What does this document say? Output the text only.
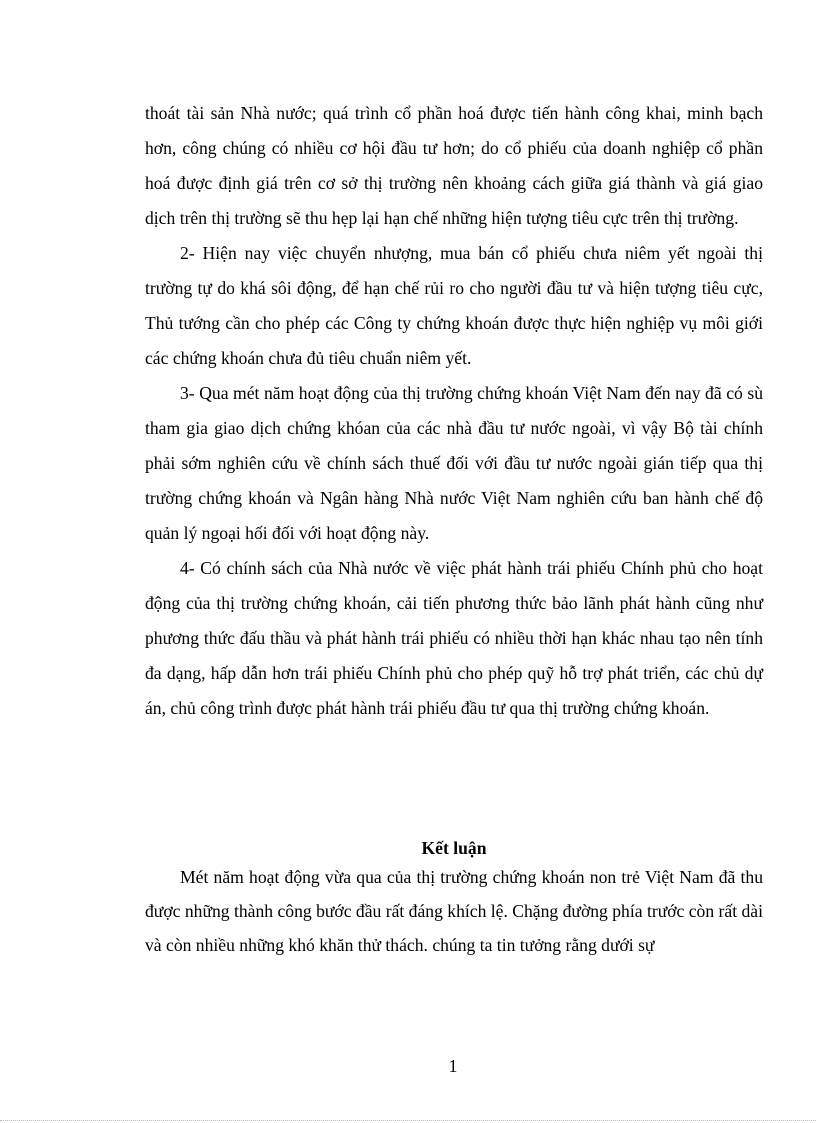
thoát tài sản Nhà nước; quá trình cổ phần hoá được tiến hành công khai, minh bạch hơn, công chúng có nhiều cơ hội đầu tư hơn; do cổ phiếu của doanh nghiệp cổ phần hoá được định giá trên cơ sở thị trường nên khoảng cách giữa giá thành và giá giao dịch trên thị trường sẽ thu hẹp lại hạn chế những hiện tượng tiêu cực trên thị trường.

2- Hiện nay việc chuyển nhượng, mua bán cổ phiếu chưa niêm yết ngoài thị trường tự do khá sôi động, để hạn chế rủi ro cho người đầu tư và hiện tượng tiêu cực, Thủ tướng cần cho phép các Công ty chứng khoán được thực hiện nghiệp vụ môi giới các chứng khoán chưa đủ tiêu chuẩn niêm yết.

3- Qua mét năm hoạt động của thị trường chứng khoán Việt Nam đến nay đã có sù tham gia giao dịch chứng khóan của các nhà đầu tư nước ngoài, vì vậy Bộ tài chính phải sớm nghiên cứu về chính sách thuế đối với đầu tư nước ngoài gián tiếp qua thị trường chứng khoán và Ngân hàng Nhà nước Việt Nam nghiên cứu ban hành chế độ quản lý ngoại hối đối với hoạt động này.

4- Có chính sách của Nhà nước về việc phát hành trái phiếu Chính phủ cho hoạt động của thị trường chứng khoán, cải tiến phương thức bảo lãnh phát hành cũng như phương thức đấu thầu và phát hành trái phiếu có nhiều thời hạn khác nhau tạo nên tính đa dạng, hấp dẫn hơn trái phiếu Chính phủ cho phép quỹ hỗ trợ phát triển, các chủ dự án, chủ công trình được phát hành trái phiếu đầu tư qua thị trường chứng khoán.

Kết luận

Mét năm hoạt động vừa qua của thị trường chứng khoán non trẻ Việt Nam đã thu được những thành công bước đầu rất đáng khích lệ. Chặng đường phía trước còn rất dài và còn nhiều những khó khăn thử thách. chúng ta tin tưởng rằng dưới sự

1
